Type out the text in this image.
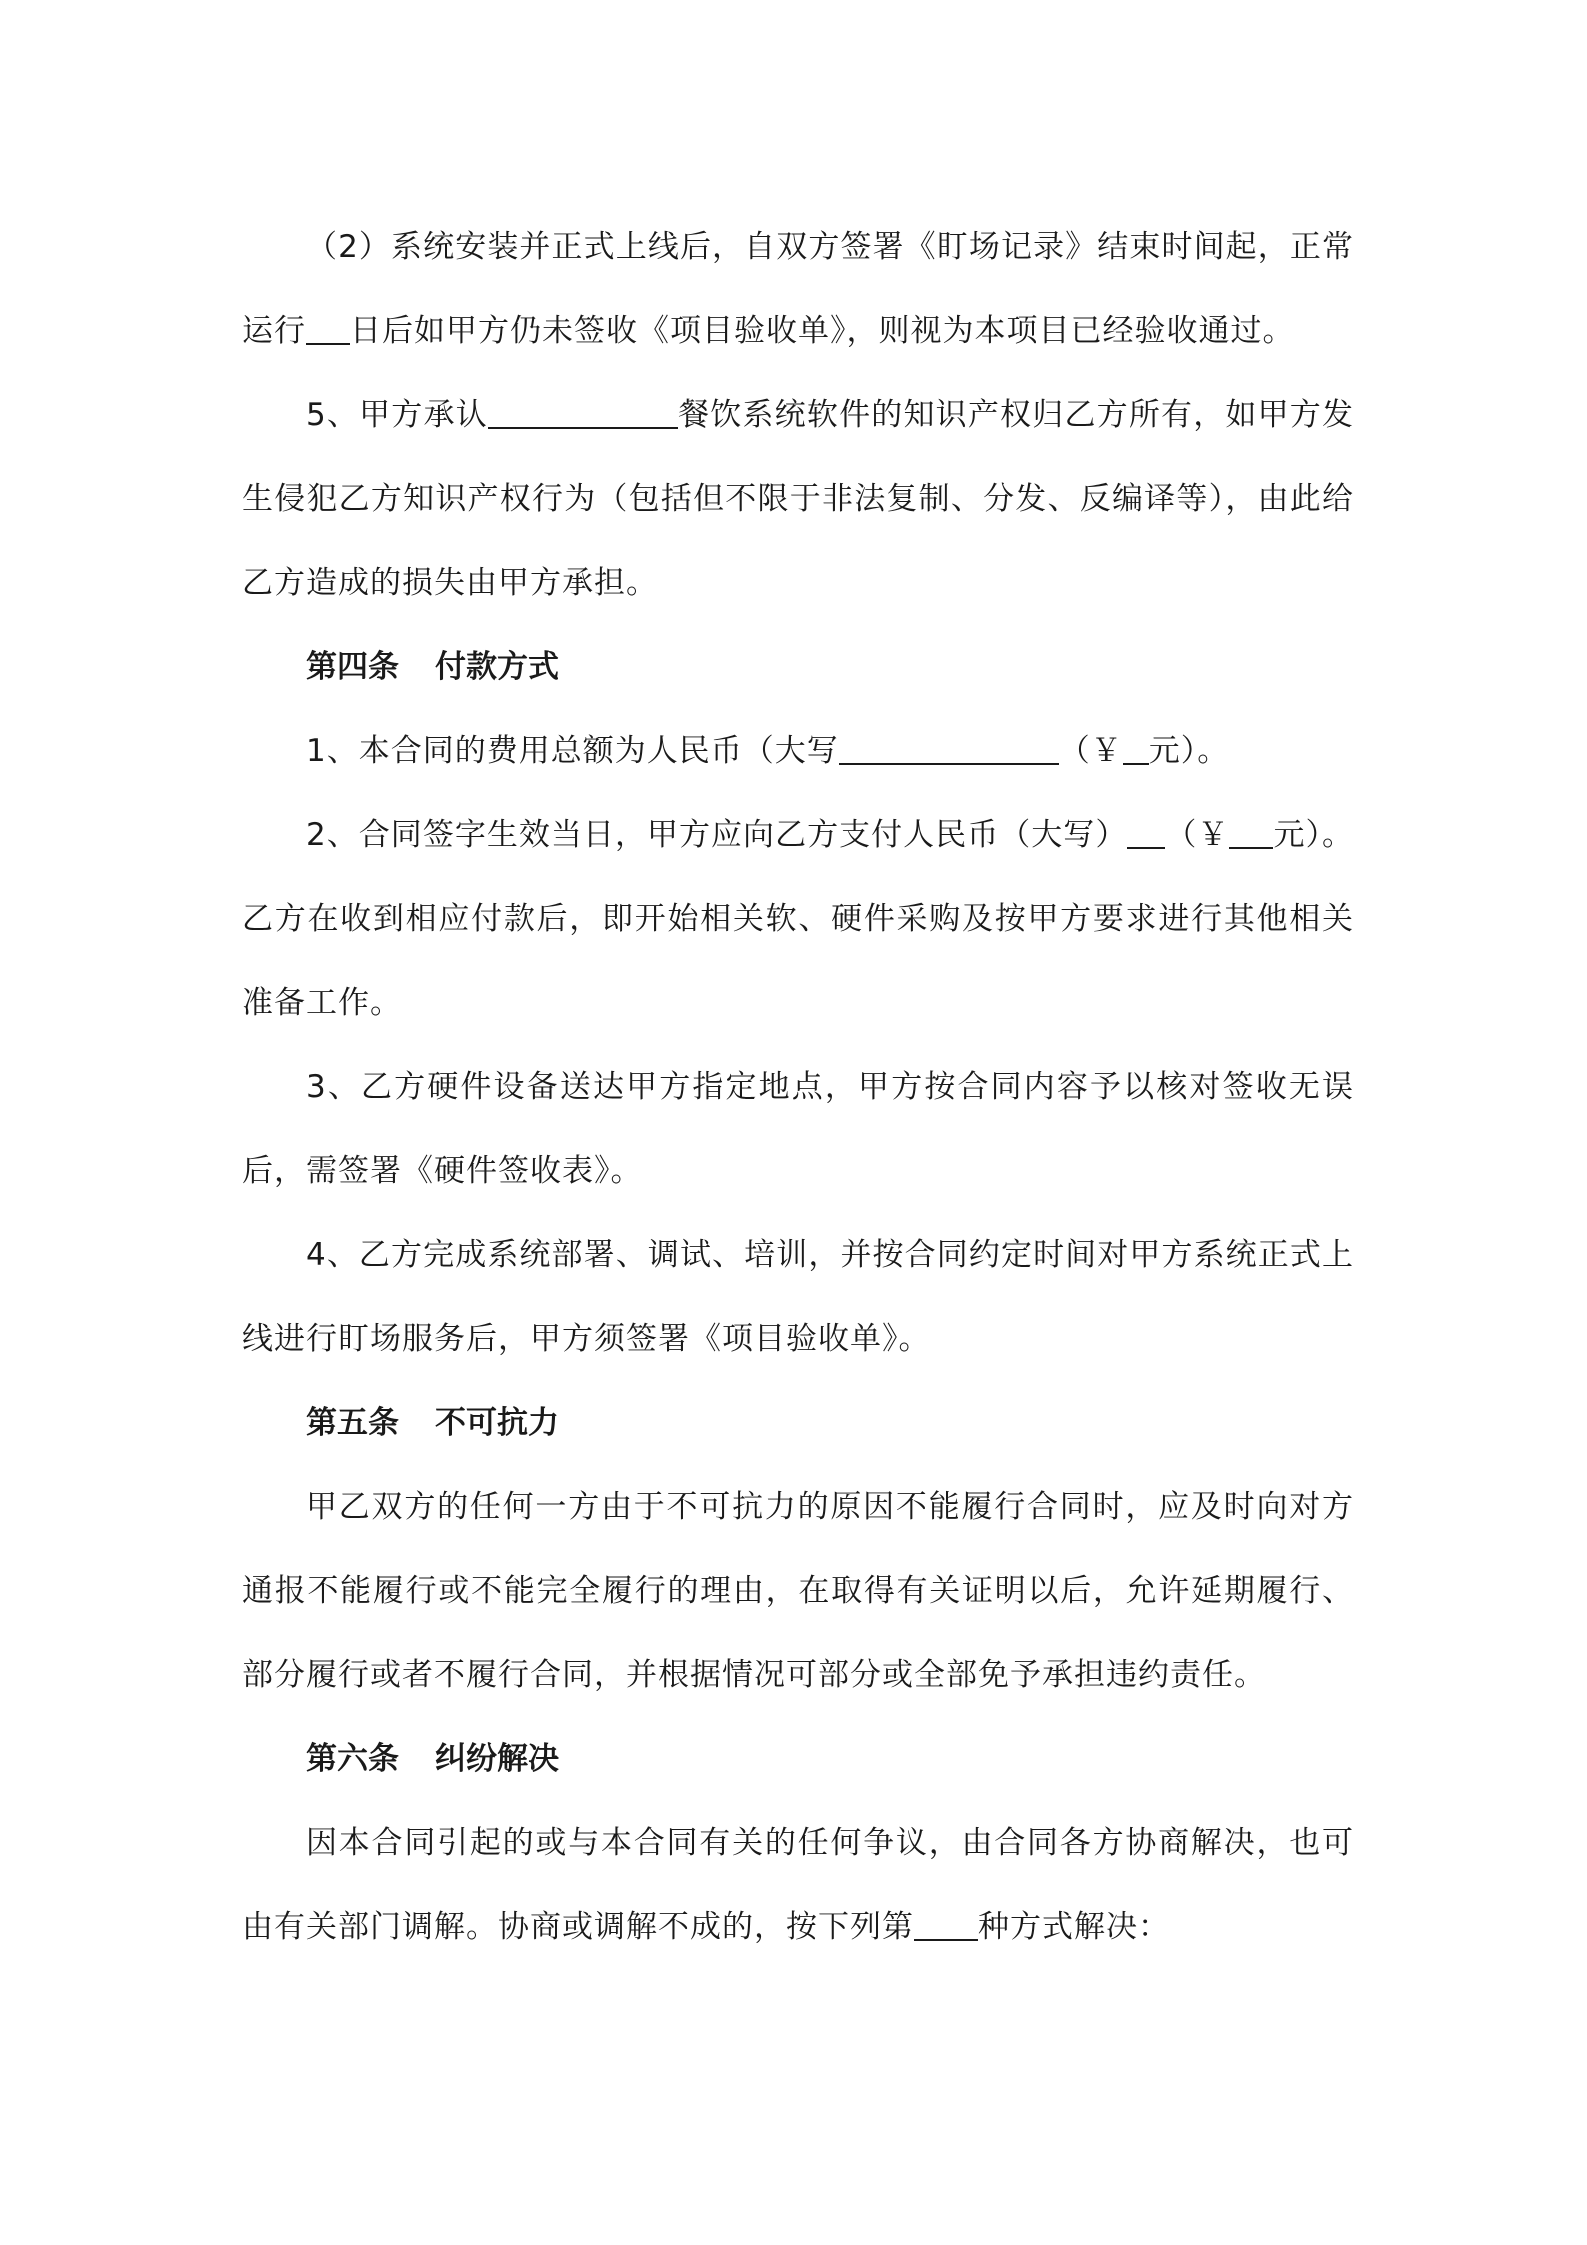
（2）系统安装并正式上线后，自双方签署《盯场记录》结束时间起，正常运行 日后如甲方仍未签收《项目验收单》，则视为本项目已经验收通过。

5、甲方承认	餐饮系统软件的知识产权归乙方所有，如甲方发生侵犯乙方知识产权行为（包括但不限于非法复制、分发、反编译等），由此给乙方造成的损失由甲方承担。

第四条 付款方式

1、本合同的费用总额为人民币（大写	（￥ 元）。

2、合同签字生效当日，甲方应向乙方支付人民币（大写） （￥ 元）。乙方在收到相应付款后，即开始相关软、硬件采购及按甲方要求进行其他相关准备工作。

3、乙方硬件设备送达甲方指定地点，甲方按合同内容予以核对签收无误后，需签署《硬件签收表》。

4、乙方完成系统部署、调试、培训，并按合同约定时间对甲方系统正式上线进行盯场服务后，甲方须签署《项目验收单》。

第五条 不可抗力

甲乙双方的任何一方由于不可抗力的原因不能履行合同时，应及时向对方通报不能履行或不能完全履行的理由，在取得有关证明以后，允许延期履行、部分履行或者不履行合同，并根据情况可部分或全部免予承担违约责任。

第六条 纠纷解决

因本合同引起的或与本合同有关的任何争议，由合同各方协商解决，也可由有关部门调解。协商或调解不成的，按下列第 种方式解决：
